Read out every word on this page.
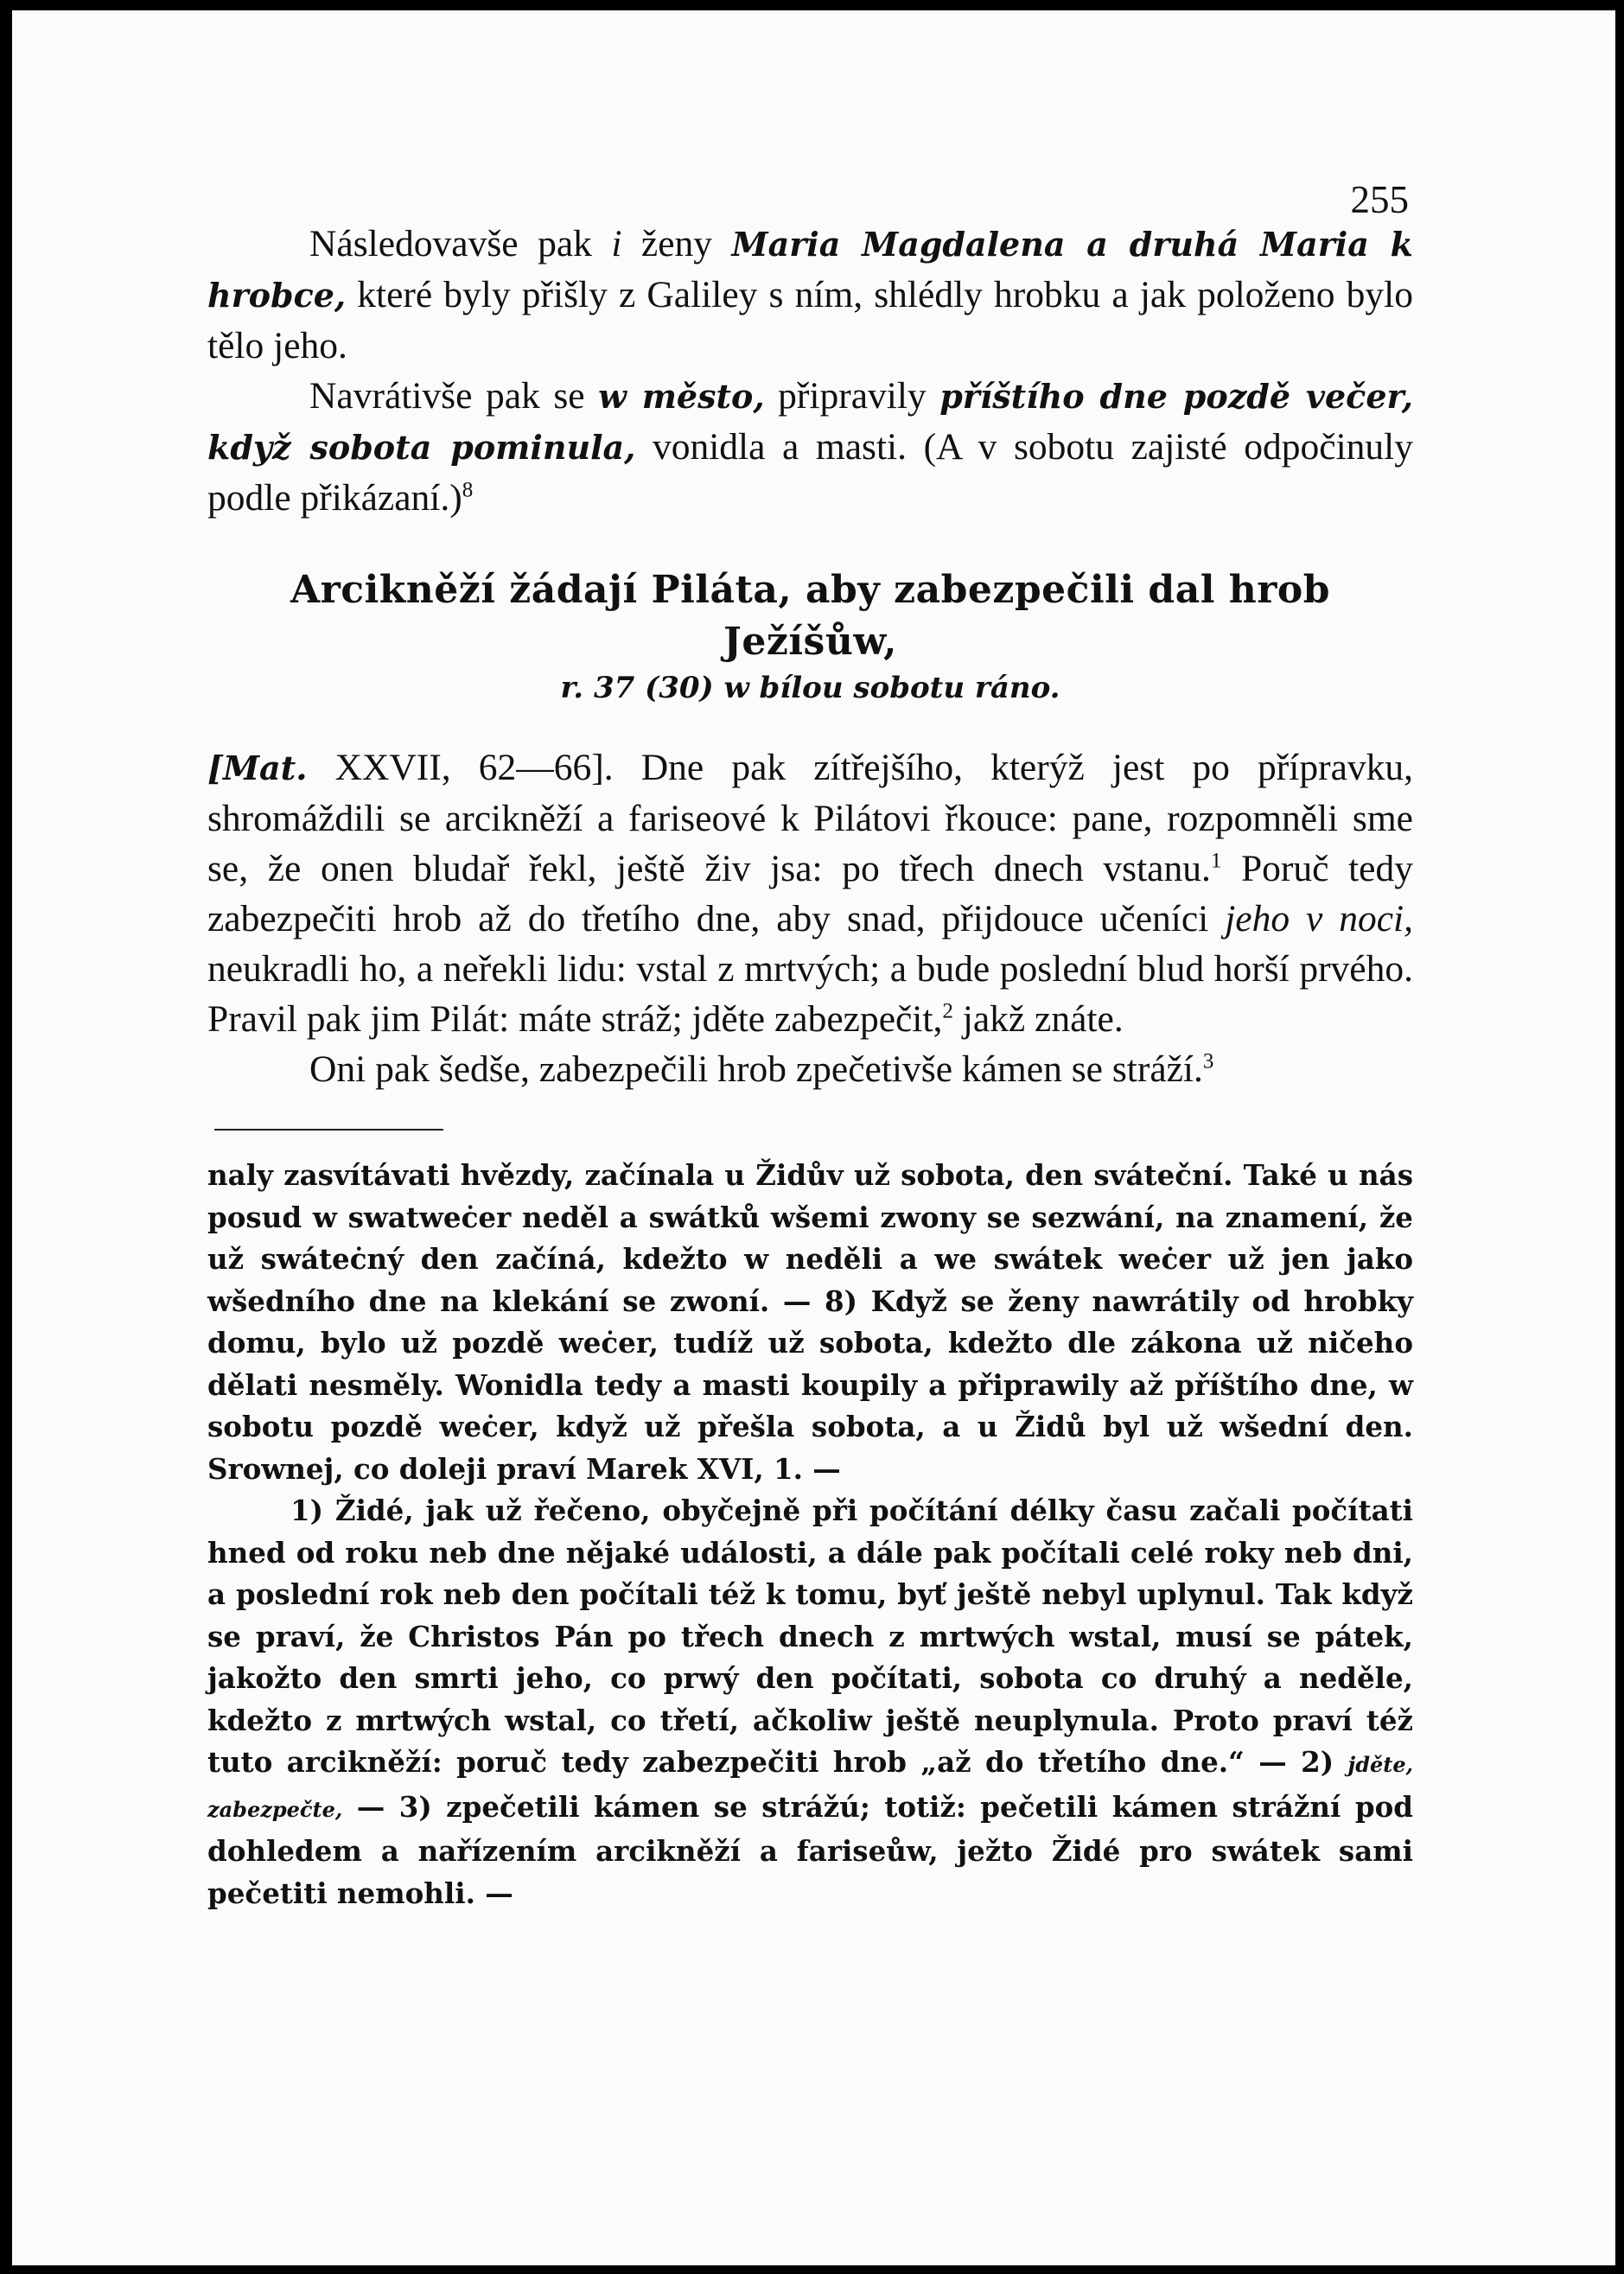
255

Následovavše pak i ženy Maria Magdalena a druhá Maria k hrobce, které byly přišly z Galiley s ním, shlédly hrobku a jak položeno bylo tělo jeho.

Navrátivše pak se w město, připravily příštího dne pozdě večer, když sobota pominula, vonidla a masti. (A v sobotu zajisté odpočinuly podle přikázaní.)$^8$

Arcikněží žádají Piláta, aby zabezpečili dal hrob Ježíšůw,

r. 37 (30) w bílou sobotu ráno.

[Mat. XXVII, 62—66]. Dne pak zítřejšího, kterýž jest po přípravku, shromáždili se arcikněží a fariseové k Pilátovi řkouce: pane, rozpomněli sme se, že onen bludař řekl, ještě živ jsa: po třech dnech vstanu.$^1$ Poruč tedy zabezpečiti hrob až do třetího dne, aby snad, přijdouce učeníci jeho v noci, neukradli ho, a neřekli lidu: vstal z mrtvých; a bude poslední blud horší prvého. Pravil pak jim Pilát: máte stráž; jděte zabezpečit,$^2$ jakž znáte.

Oni pak šedše, zabezpečili hrob zpečetivše kámen se stráží.$^3$

naly zasvítávati hvězdy, začínala u Židův už sobota, den sváteční. Také u nás posud w swatweċer neděl a swátků wšemi zwony se sezwání, na znamení, že už swáteċný den začíná, kdežto w neděli a we swátek weċer už jen jako wšedního dne na klekání se zwoní. — 8) Když se ženy nawrátily od hrobky domu, bylo už pozdě weċer, tudíž už sobota, kdežto dle zákona už ničeho dělati nesměly. Wonidla tedy a masti koupily a připrawily až příštího dne, w sobotu pozdě weċer, když už přešla sobota, a u Židů byl už wšední den. Srownej, co doleji praví Marek XVI, 1. —

1) Židé, jak už řečeno, obyčejně při počítání délky času začali počítati hned od roku neb dne nějaké události, a dále pak počítali celé roky neb dni, a poslední rok neb den počítali též k tomu, byť ještě nebyl uplynul. Tak když se praví, že Christos Pán po třech dnech z mrtwých wstal, musí se pátek, jakožto den smrti jeho, co prwý den počítati, sobota co druhý a neděle, kdežto z mrtwých wstal, co třetí, ačkoliw ještě neuplynula. Proto praví též tuto arcikněží: poruč tedy zabezpečiti hrob „až do třetího dne.“ — 2) jděte, zabezpečte, — 3) zpečetili kámen se strážú; totiž: pečetili kámen strážní pod dohledem a nařízením arcikněží a fariseůw, ježto Židé pro swátek sami pečetiti nemohli. —
